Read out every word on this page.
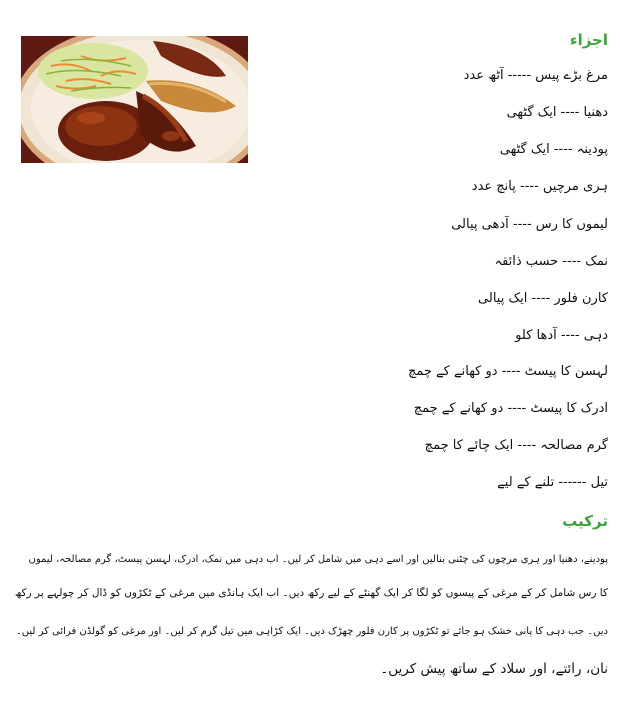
اجزاء
مرغ بڑے پیس ----- آٹھ عدد
دھنیا ---- ایک گٹھی
پودینہ ---- ایک گٹھی
ہری مرچیں ---- پانچ عدد
لیموں کا رس ---- آدھی پیالی
نمک ---- حسب ذائقہ
کارن فلور ---- ایک پیالی
دہی ---- آدھا کلو
لہسن کا پیسٹ ---- دو کھانے کے چمچ
ادرک کا پیسٹ ---- دو کھانے کے چمچ
گرم مصالحہ ---- ایک چائے کا چمچ
تیل ------ تلنے کے لیے
ترکیب
پودینے، دھنیا اور ہری مرچوں کی چٹنی بنالیں اور اسے دہی میں شامل کر لیں۔ اب دہی میں نمک، ادرک، لہسن پیسٹ، گرم مصالحہ، لیموں
کا رس شامل کر کے مرغی کے پیسوں کو لگا کر ایک گھنٹے کے لیے رکھ دیں۔ اب ایک ہانڈی میں مرغی کے ٹکڑوں کو ڈال کر چولہے پر رکھ
دیں۔ جب دہی کا پانی خشک ہو جائے تو ٹکڑوں پر کارن فلور چھڑک دیں۔ ایک کڑاہی میں تیل گرم کر لیں۔ اور مرغی کو گولڈن فرائی کر لیں۔
نان، رائتے، اور سلاد کے ساتھ پیش کریں۔
